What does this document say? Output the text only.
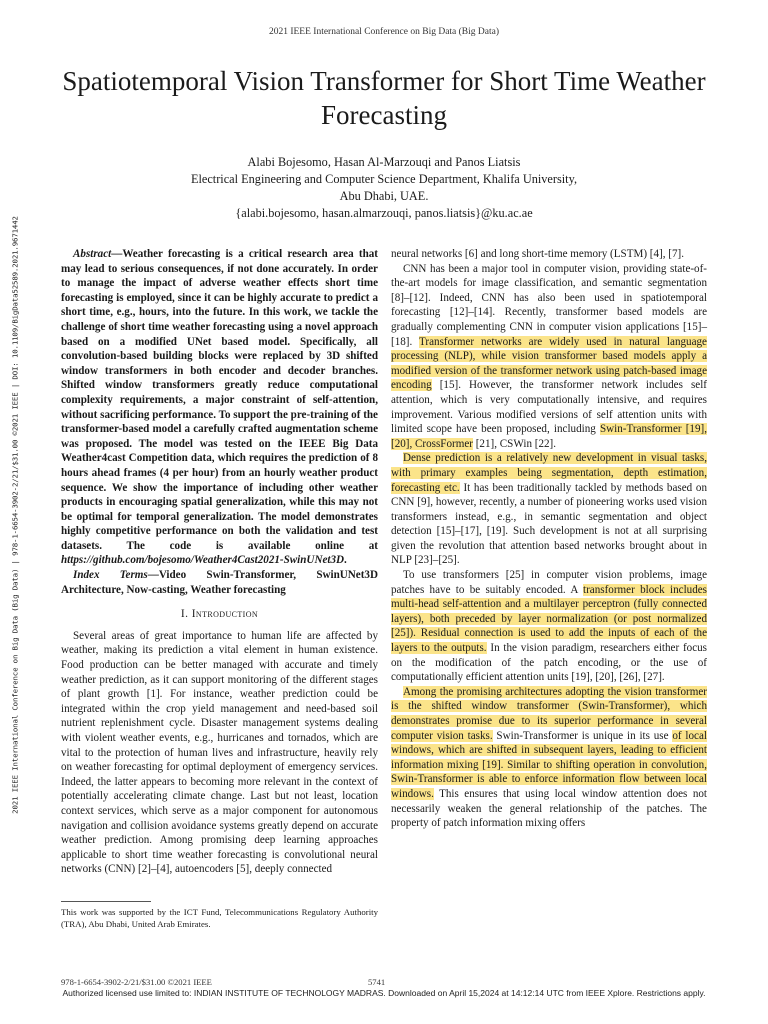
2021 IEEE International Conference on Big Data (Big Data)
Spatiotemporal Vision Transformer for Short Time Weather Forecasting
Alabi Bojesomo, Hasan Al-Marzouqi and Panos Liatsis
Electrical Engineering and Computer Science Department, Khalifa University,
Abu Dhabi, UAE.
{alabi.bojesomo, hasan.almarzouqi, panos.liatsis}@ku.ac.ae
2021 IEEE International Conference on Big Data (Big Data) | 978-1-6654-3902-2/21/$31.00 ©2021 IEEE | DOI: 10.1109/BigData52589.2021.9671442	Abstract—Weather forecasting is a critical research area that may lead to serious consequences, if not done accurately. In order to manage the impact of adverse weather effects short time forecasting is employed, since it can be highly accurate to predict a short time, e.g., hours, into the future. In this work, we tackle the challenge of short time weather forecasting using a novel approach based on a modified UNet based model. Specifically, all convolution-based building blocks were replaced by 3D shifted window transformers in both encoder and decoder branches. Shifted window transformers greatly reduce computational complexity requirements, a major constraint of self-attention, without sacrificing performance. To support the pre-training of the transformer-based model a carefully crafted augmentation scheme was proposed. The model was tested on the IEEE Big Data Weather4cast Competition data, which requires the prediction of 8 hours ahead frames (4 per hour) from an hourly weather product sequence. We show the importance of including other weather products in encouraging spatial generalization, while this may not be optimal for temporal generalization. The model demonstrates highly competitive performance on both the validation and test datasets. The code is available online at https://github.com/bojesomo/Weather4Cast2021-SwinUNet3D.

Index Terms—Video Swin-Transformer, SwinUNet3D Architecture, Now-casting, Weather forecasting

I. Introduction

Several areas of great importance to human life are affected by weather, making its prediction a vital element in human existence. Food production can be better managed with accurate and timely weather prediction, as it can support monitoring of the different stages of plant growth [1]. For instance, weather prediction could be integrated within the crop yield management and need-based soil nutrient replenishment cycle. Disaster management systems dealing with violent weather events, e.g., hurricanes and tornados, which are vital to the protection of human lives and infrastructure, heavily rely on weather forecasting for optimal deployment of emergency services. Indeed, the latter appears to becoming more relevant in the context of potentially accelerating climate change. Last but not least, location context services, which serve as a major component for autonomous navigation and collision avoidance systems greatly depend on accurate weather prediction. Among promising deep learning approaches applicable to short time weather forecasting is convolutional neural networks (CNN) [2]–[4], autoencoders [5], deeply connected

neural networks [6] and long short-time memory (LSTM) [4], [7].

CNN has been a major tool in computer vision, providing state-of-the-art models for image classification, and semantic segmentation [8]–[12]. Indeed, CNN has also been used in spatiotemporal forecasting [12]–[14]. Recently, transformer based models are gradually complementing CNN in computer vision applications [15]–[18]. Transformer networks are widely used in natural language processing (NLP), while vision transformer based models apply a modified version of the transformer network using patch-based image encoding [15]. However, the transformer network includes self attention, which is very computationally intensive, and requires improvement. Various modified versions of self attention units with limited scope have been proposed, including Swin-Transformer [19], [20], CrossFormer [21], CSWin [22].

Dense prediction is a relatively new development in visual tasks, with primary examples being segmentation, depth estimation, forecasting etc. It has been traditionally tackled by methods based on CNN [9], however, recently, a number of pioneering works used vision transformers instead, e.g., in semantic segmentation and object detection [15]–[17], [19]. Such development is not at all surprising given the revolution that attention based networks brought about in NLP [23]–[25].

To use transformers [25] in computer vision problems, image patches have to be suitably encoded. A transformer block includes multi-head self-attention and a multilayer perceptron (fully connected layers), both preceded by layer normalization (or post normalized [25]). Residual connection is used to add the inputs of each of the layers to the outputs. In the vision paradigm, researchers either focus on the modification of the patch encoding, or the use of computationally efficient attention units [19], [20], [26], [27].

Among the promising architectures adopting the vision transformer is the shifted window transformer (Swin-Transformer), which demonstrates promise due to its superior performance in several computer vision tasks. Swin-Transformer is unique in its use of local windows, which are shifted in subsequent layers, leading to efficient information mixing [19]. Similar to shifting operation in convolution, Swin-Transformer is able to enforce information flow between local windows. This ensures that using local window attention does not necessarily weaken the general relationship of the patches. The property of patch information mixing offers

This work was supported by the ICT Fund, Telecommunications Regulatory Authority (TRA), Abu Dhabi, United Arab Emirates.
978-1-6654-3902-2/21/$31.00 ©2021 IEEE	5741
Authorized licensed use limited to: INDIAN INSTITUTE OF TECHNOLOGY MADRAS. Downloaded on April 15,2024 at 14:12:14 UTC from IEEE Xplore. Restrictions apply.
